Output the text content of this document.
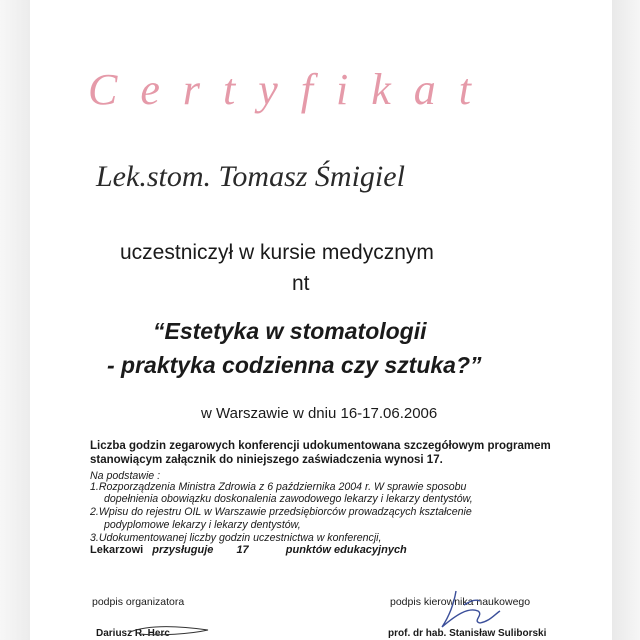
Certyfikat
Lek.stom. Tomasz Śmigiel
uczestniczył w kursie medycznym
nt
“Estetyka w stomatologii
- praktyka codzienna czy sztuka?”
w Warszawie w dniu 16-17.06.2006
Liczba godzin zegarowych konferencji udokumentowana szczegółowym programem
stanowiącym załącznik do niniejszego zaświadczenia wynosi 17.
Na podstawie :
1.Rozporządzenia Ministra Zdrowia z 6 października 2004 r. W sprawie sposobu
dopełnienia obowiązku doskonalenia zawodowego lekarzy i lekarzy dentystów,
2.Wpisu do rejestru OIL w Warszawie przedsiębiorców prowadzących kształcenie
podyplomowe lekarzy i lekarzy dentystów,
3.Udokumentowanej liczby godzin uczestnictwa w konferencji,
Lekarzowi przysługuje 17	punktów edukacyjnych
podpis organizatora
Dariusz R. Herc
podpis kierownika naukowego
prof. dr hab. Stanisław Suliborski
